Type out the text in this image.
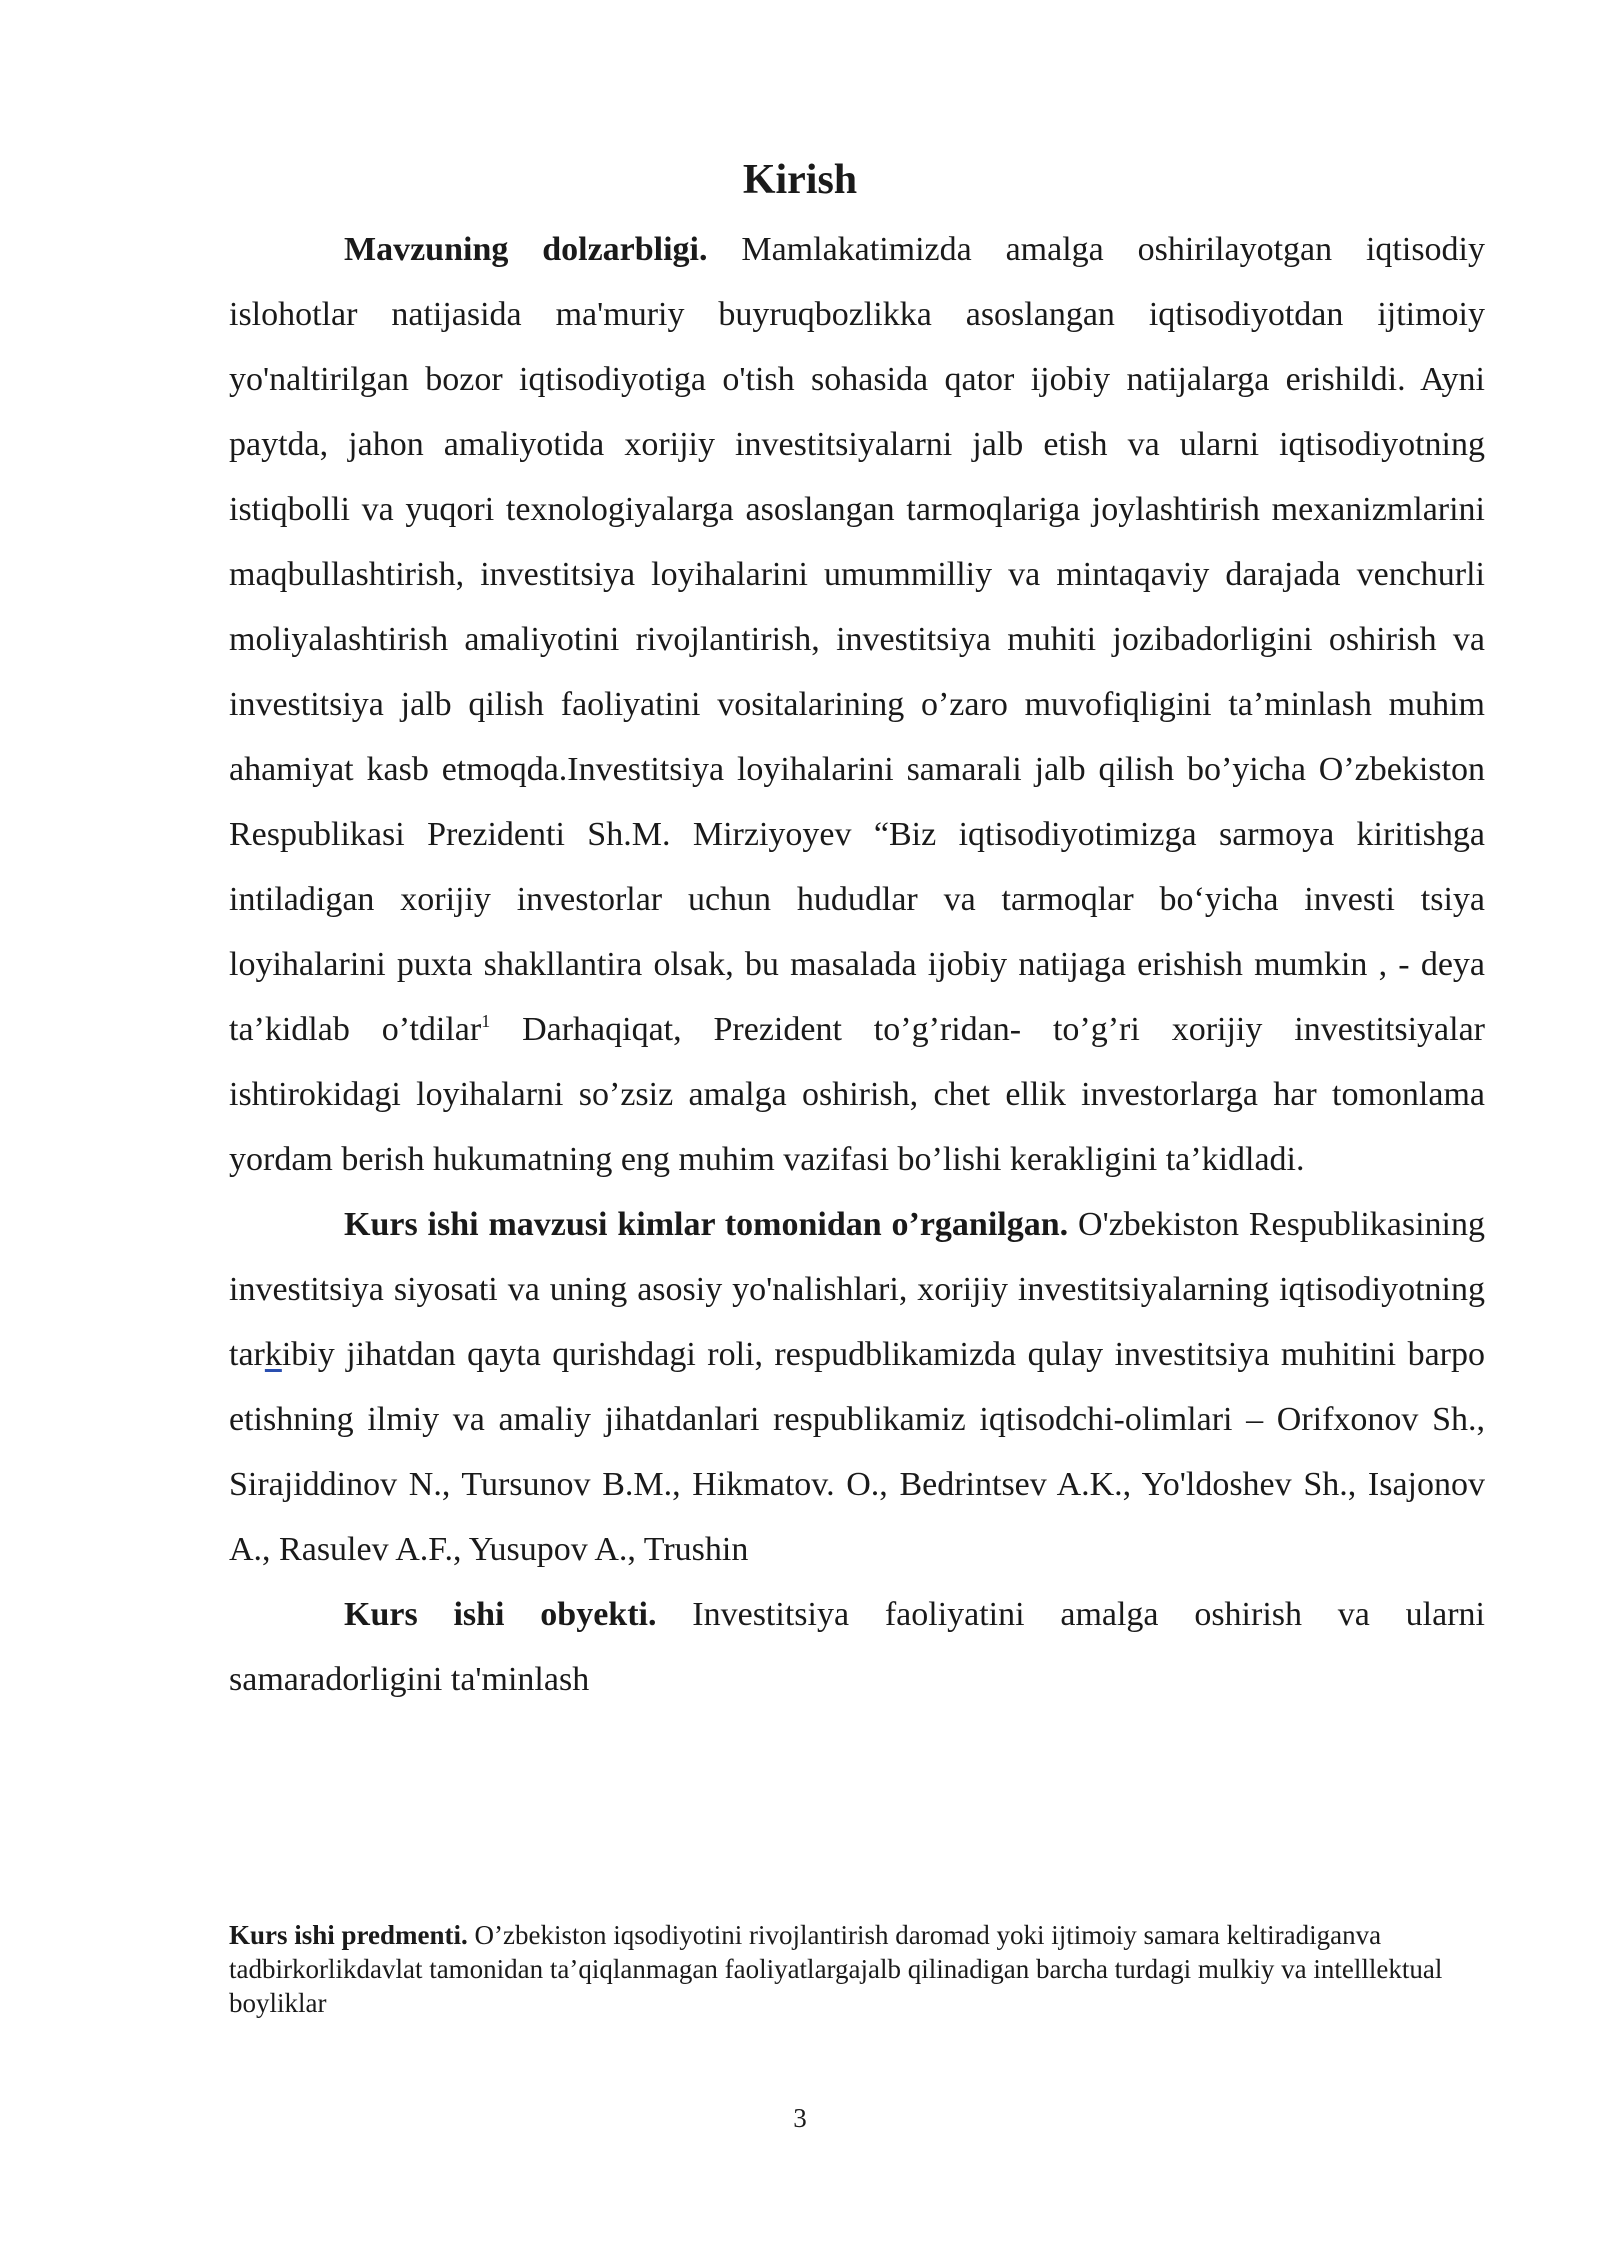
Kirish

Mavzuning dolzarbligi. Mamlakatimizda amalga oshirilayotgan iqtisodiy islohotlar natijasida ma'muriy buyruqbozlikka asoslangan iqtisodiyotdan ijtimoiy yo'naltirilgan bozor iqtisodiyotiga o'tish sohasida qator ijobiy natijalarga erishildi. Ayni paytda, jahon amaliyotida xorijiy investitsiyalarni jalb etish va ularni iqtisodiyotning istiqbolli va yuqori texnologiyalarga asoslangan tarmoqlariga joylashtirish mexanizmlarini maqbullashtirish, investitsiya loyihalarini umummilliy va mintaqaviy darajada venchurli moliyalashtirish amaliyotini rivojlantirish, investitsiya muhiti jozibadorligini oshirish va investitsiya jalb qilish faoliyatini vositalarining o’zaro muvofiqligini ta’minlash muhim ahamiyat kasb etmoqda.Investitsiya loyihalarini samarali jalb qilish bo’yicha O’zbekiston Respublikasi Prezidenti Sh.M. Mirziyoyev “Biz iqtisodiyotimizga sarmoya kiritishga intiladigan xorijiy investorlar uchun hududlar va tarmoqlar bo‘yicha investi tsiya loyihalarini puxta shakllantira olsak, bu masalada ijobiy natijaga erishish mumkin , - deya ta’kidlab o’tdilar$^1$ Darhaqiqat, Prezident to’g’ridan- to’g’ri xorijiy investitsiyalar ishtirokidagi loyihalarni so’zsiz amalga oshirish, chet ellik investorlarga har tomonlama yordam berish hukumatning eng muhim vazifasi bo’lishi kerakligini ta’kidladi.

Kurs ishi mavzusi kimlar tomonidan o’rganilgan. O'zbekiston Respublikasining investitsiya siyosati va uning asosiy yo'nalishlari, xorijiy investitsiyalarning iqtisodiyotning tarkibiy jihatdan qayta qurishdagi roli, respudblikamizda qulay investitsiya muhitini barpo etishning ilmiy va amaliy jihatdanlari respublikamiz iqtisodchi-olimlari – Orifxonov Sh., Sirajiddinov N., Tursunov B.M., Hikmatov. O., Bedrintsev A.K., Yo'ldoshev Sh., Isajonov A., Rasulev A.F., Yusupov A., Trushin

Kurs ishi obyekti. Investitsiya faoliyatini amalga oshirish va ularni samaradorligini ta'minlash

Kurs ishi predmenti. O’zbekiston iqsodiyotini rivojlantirish daromad yoki ijtimoiy samara keltiradiganva tadbirkorlikdavlat tamonidan ta’qiqlanmagan faoliyatlargajalb qilinadigan barcha turdagi mulkiy va intelllektual boyliklar

3
